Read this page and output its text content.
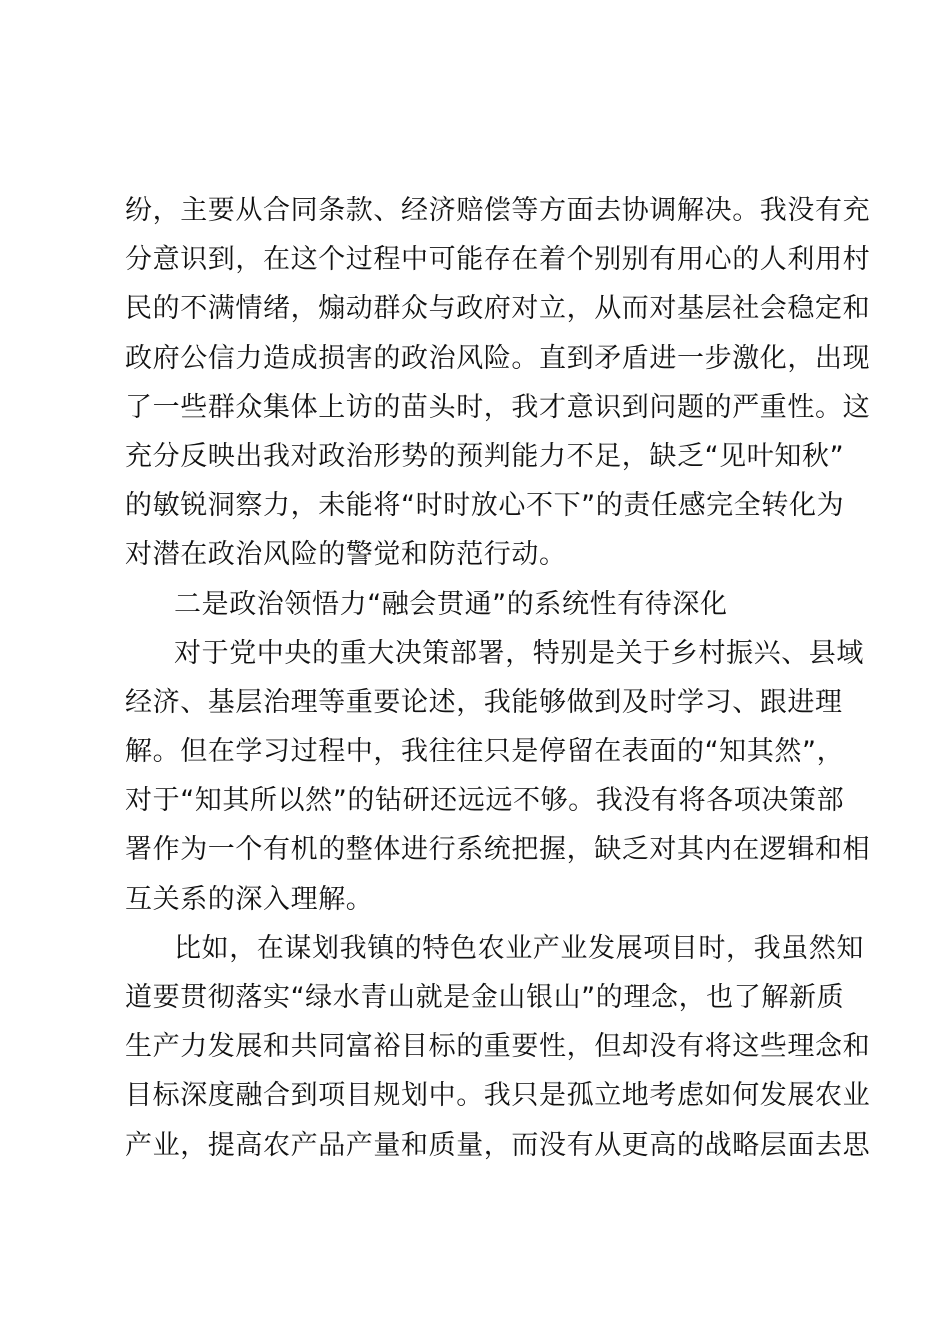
纷，主要从合同条款、经济赔偿等方面去协调解决。我没有充
分意识到，在这个过程中可能存在着个别别有用心的人利用村
民的不满情绪，煽动群众与政府对立，从而对基层社会稳定和
政府公信力造成损害的政治风险。直到矛盾进一步激化，出现
了一些群众集体上访的苗头时，我才意识到问题的严重性。这
充分反映出我对政治形势的预判能力不足，缺乏“见叶知秋”
的敏锐洞察力，未能将“时时放心不下”的责任感完全转化为
对潜在政治风险的警觉和防范行动。
二是政治领悟力“融会贯通”的系统性有待深化
对于党中央的重大决策部署，特别是关于乡村振兴、县域
经济、基层治理等重要论述，我能够做到及时学习、跟进理
解。但在学习过程中，我往往只是停留在表面的“知其然”，
对于“知其所以然”的钻研还远远不够。我没有将各项决策部
署作为一个有机的整体进行系统把握，缺乏对其内在逻辑和相
互关系的深入理解。
比如，在谋划我镇的特色农业产业发展项目时，我虽然知
道要贯彻落实“绿水青山就是金山银山”的理念，也了解新质
生产力发展和共同富裕目标的重要性，但却没有将这些理念和
目标深度融合到项目规划中。我只是孤立地考虑如何发展农业
产业，提高农产品产量和质量，而没有从更高的战略层面去思
